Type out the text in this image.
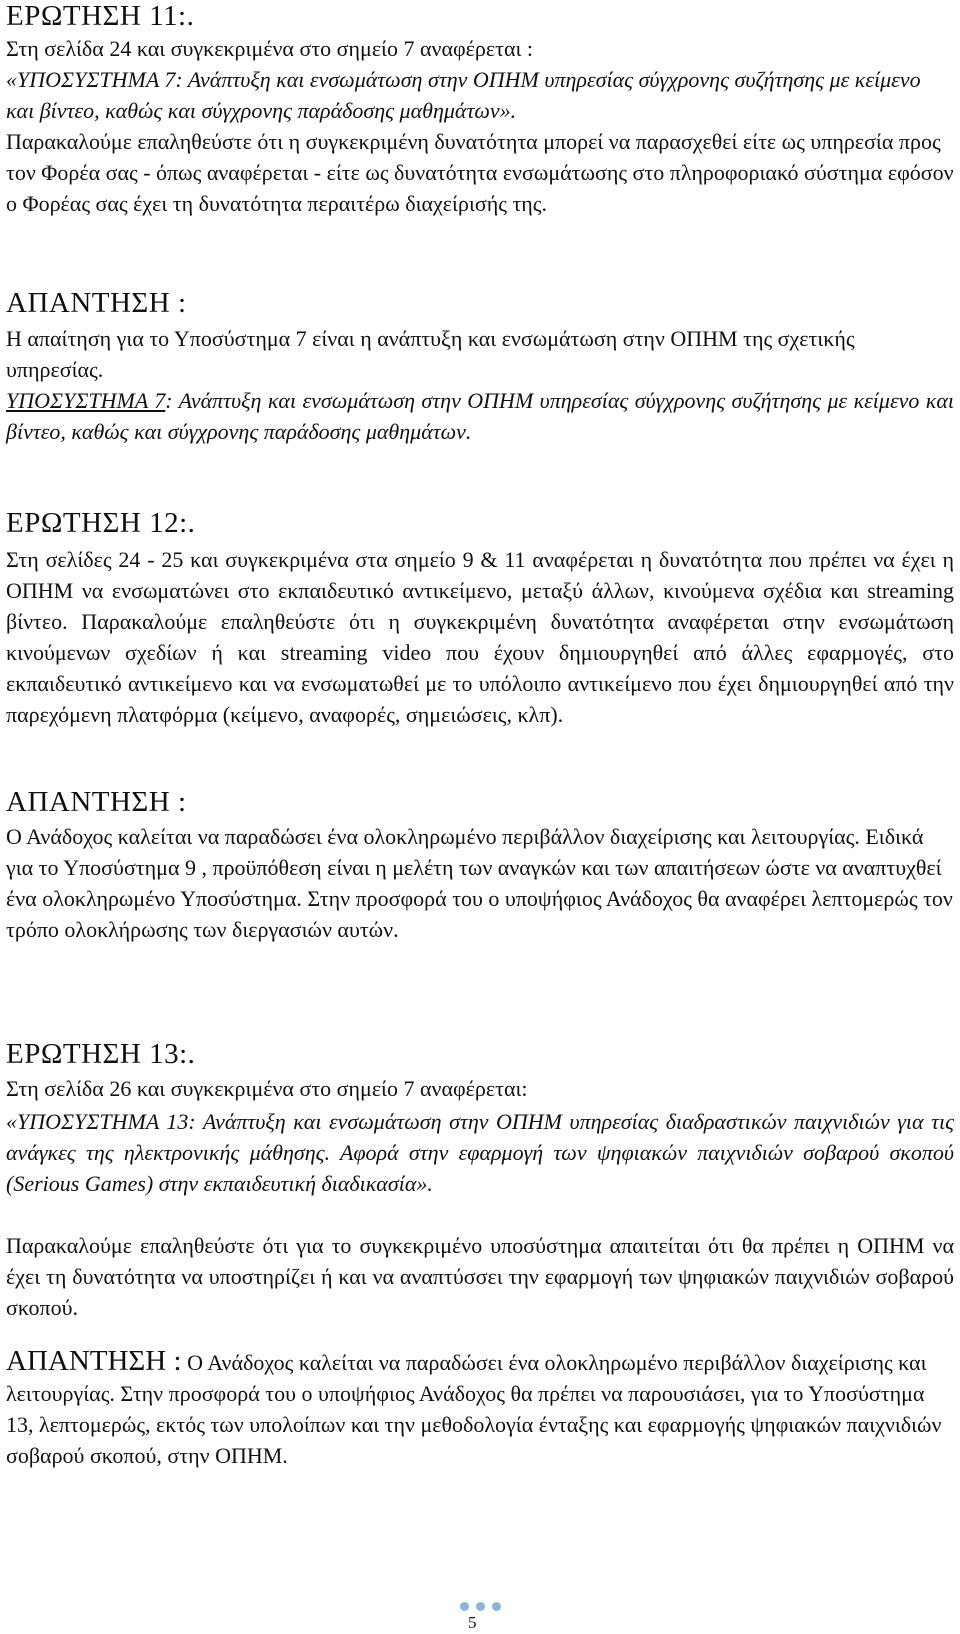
ΕΡΩΤΗΣΗ 11:.
Στη σελίδα 24 και συγκεκριμένα στο σημείο 7 αναφέρεται :
«ΥΠΟΣΥΣΤΗΜΑ 7: Ανάπτυξη και ενσωμάτωση στην ΟΠΗΜ υπηρεσίας σύγχρονης συζήτησης με κείμενο και βίντεο, καθώς και σύγχρονης παράδοσης μαθημάτων».
Παρακαλούμε επαληθεύστε ότι η συγκεκριμένη δυνατότητα μπορεί να παρασχεθεί είτε ως υπηρεσία προς τον Φορέα σας - όπως αναφέρεται - είτε ως δυνατότητα ενσωμάτωσης στο πληροφοριακό σύστημα εφόσον ο Φορέας σας έχει τη δυνατότητα περαιτέρω διαχείρισής της.
ΑΠΑΝΤΗΣΗ :
Η απαίτηση για το Υποσύστημα 7 είναι η ανάπτυξη και ενσωμάτωση στην ΟΠΗΜ της σχετικής υπηρεσίας.
ΥΠΟΣΥΣΤΗΜΑ 7: Ανάπτυξη και ενσωμάτωση στην ΟΠΗΜ υπηρεσίας σύγχρονης συζήτησης με κείμενο και βίντεο, καθώς και σύγχρονης παράδοσης μαθημάτων.
ΕΡΩΤΗΣΗ 12:.
Στη σελίδες 24 - 25 και συγκεκριμένα στα σημείο 9 & 11 αναφέρεται η δυνατότητα που πρέπει να έχει η ΟΠΗΜ να ενσωματώνει στο εκπαιδευτικό αντικείμενο, μεταξύ άλλων, κινούμενα σχέδια και streaming βίντεο. Παρακαλούμε επαληθεύστε ότι η συγκεκριμένη δυνατότητα αναφέρεται στην ενσωμάτωση κινούμενων σχεδίων ή και streaming video που έχουν δημιουργηθεί από άλλες εφαρμογές, στο εκπαιδευτικό αντικείμενο και να ενσωματωθεί με το υπόλοιπο αντικείμενο που έχει δημιουργηθεί από την παρεχόμενη πλατφόρμα (κείμενο, αναφορές, σημειώσεις, κλπ).
ΑΠΑΝΤΗΣΗ :
Ο Ανάδοχος καλείται να παραδώσει ένα ολοκληρωμένο περιβάλλον διαχείρισης και λειτουργίας. Ειδικά για το Υποσύστημα 9 , προϋπόθεση είναι η μελέτη των αναγκών και των απαιτήσεων ώστε να αναπτυχθεί ένα ολοκληρωμένο Υποσύστημα. Στην προσφορά του ο υποψήφιος Ανάδοχος θα αναφέρει λεπτομερώς τον τρόπο ολοκλήρωσης των διεργασιών αυτών.
ΕΡΩΤΗΣΗ 13:.
Στη σελίδα 26 και συγκεκριμένα στο σημείο 7 αναφέρεται:
«ΥΠΟΣΥΣΤΗΜΑ 13: Ανάπτυξη και ενσωμάτωση στην ΟΠΗΜ υπηρεσίας διαδραστικών παιχνιδιών για τις ανάγκες της ηλεκτρονικής μάθησης. Αφορά στην εφαρμογή των ψηφιακών παιχνιδιών σοβαρού σκοπού (Serious Games) στην εκπαιδευτική διαδικασία».
Παρακαλούμε επαληθεύστε ότι για το συγκεκριμένο υποσύστημα απαιτείται ότι θα πρέπει η ΟΠΗΜ να έχει τη δυνατότητα να υποστηρίζει ή και να αναπτύσσει την εφαρμογή των ψηφιακών παιχνιδιών σοβαρού σκοπού.
ΑΠΑΝΤΗΣΗ : Ο Ανάδοχος καλείται να παραδώσει ένα ολοκληρωμένο περιβάλλον διαχείρισης και λειτουργίας. Στην προσφορά του ο υποψήφιος Ανάδοχος θα πρέπει να παρουσιάσει, για το Υποσύστημα 13, λεπτομερώς, εκτός των υπολοίπων και την μεθοδολογία ένταξης και εφαρμογής ψηφιακών παιχνιδιών σοβαρού σκοπού, στην ΟΠΗΜ.
5
